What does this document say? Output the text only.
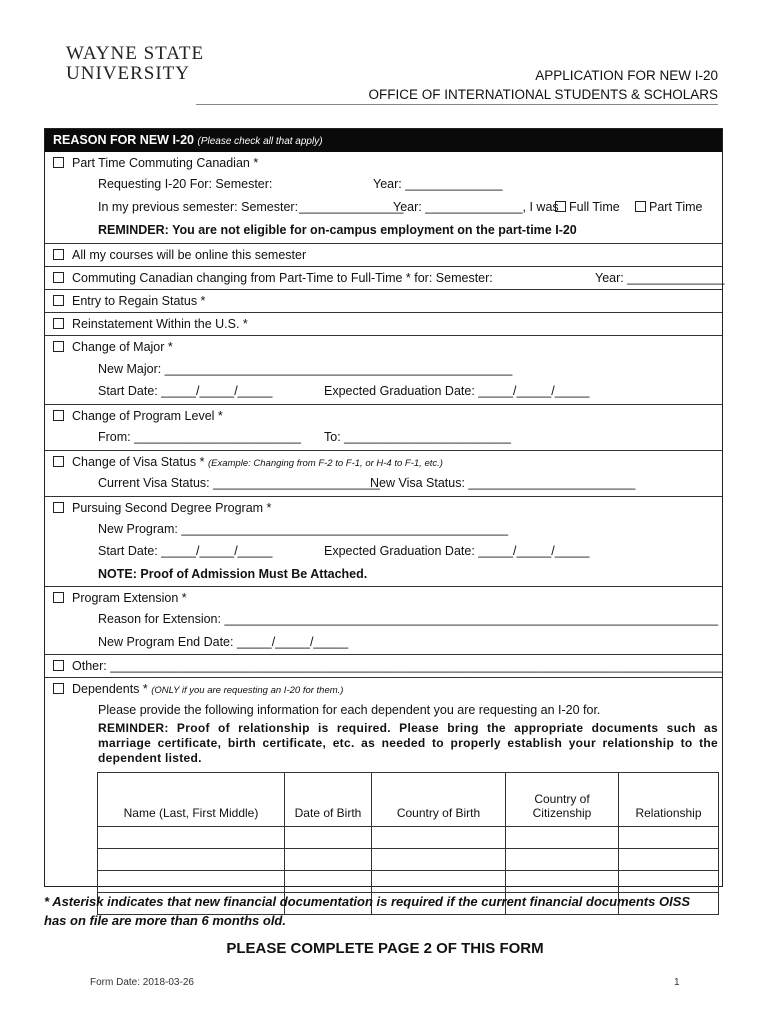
WAYNE STATE
UNIVERSITY	APPLICATION FOR NEW I-20
OFFICE OF INTERNATIONAL STUDENTS & SCHOLARS
REASON FOR NEW I-20 (Please check all that apply)
Part Time Commuting Canadian *
Requesting I-20 For: Semester:	Year: ______________
In my previous semester: Semester: _______________
Year: ______________, I was Full Time	Part Time
REMINDER: You are not eligible for on-campus employment on the part-time I-20
All my courses will be online this semester
Commuting Canadian changing from Part-Time to Full-Time * for: Semester:	Year: ______________
Entry to Regain Status *
Reinstatement Within the U.S. *
Change of Major *
New Major: __________________________________________________
Start Date: _____/_____/_____	Expected Graduation Date: _____/_____/_____
Change of Program Level *
From: ________________________ To: ________________________
Change of Visa Status * (Example: Changing from F-2 to F-1, or H-4 to F-1, etc.)
Current Visa Status: ________________________
New Visa Status: ________________________
Pursuing Second Degree Program *
New Program: _______________________________________________
Start Date: _____/_____/_____	Expected Graduation Date: _____/_____/_____
NOTE: Proof of Admission Must Be Attached.
Program Extension *
Reason for Extension: _______________________________________________________________________
New Program End Date: _____/_____/_____
Other: ________________________________________________________________________________________
Dependents * (ONLY if you are requesting an I-20 for them.)
Please provide the following information for each dependent you are requesting an I-20 for.
REMINDER: Proof of relationship is required. Please bring the appropriate documents such as marriage certificate, birth certificate, etc. as needed to properly establish your relationship to the dependent listed.
Name (Last, First Middle)	Date of Birth	Country of Birth	Country of Citizenship	Relationship

* Asterisk indicates that new financial documentation is required if the current financial documents OISS has on file are more than 6 months old.
PLEASE COMPLETE PAGE 2 OF THIS FORM
Form Date: 2018-03-26	1
